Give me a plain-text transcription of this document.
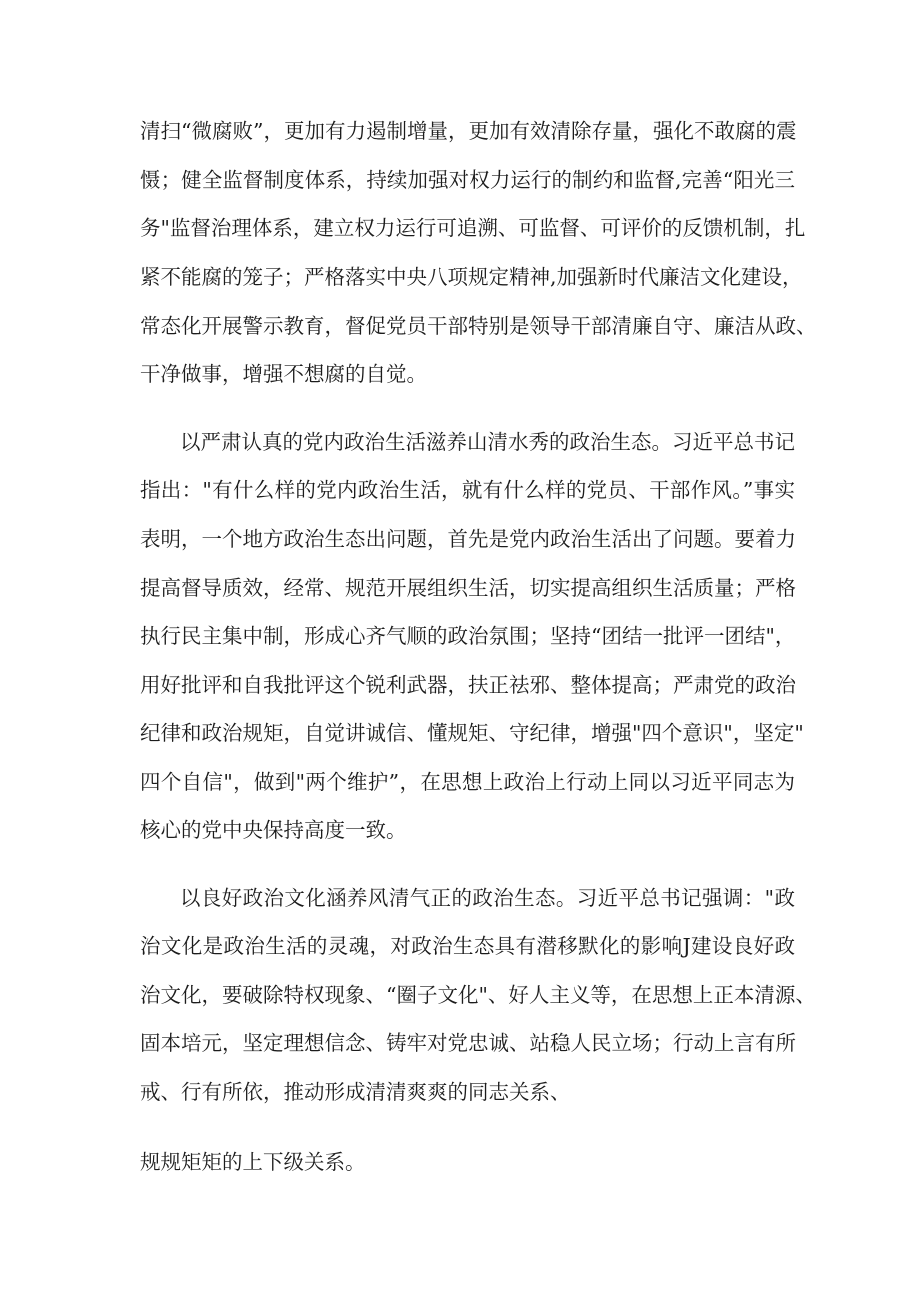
清扫“微腐败”，更加有力遏制增量，更加有效清除存量，强化不敢腐的震
慑；健全监督制度体系，持续加强对权力运行的制约和监督,完善“阳光三
务"监督治理体系，建立权力运行可追溯、可监督、可评价的反馈机制，扎
紧不能腐的笼子；严格落实中央八项规定精神,加强新时代廉洁文化建设，
常态化开展警示教育，督促党员干部特别是领导干部清廉自守、廉洁从政、
干净做事，增强不想腐的自觉。
以严肃认真的党内政治生活滋养山清水秀的政治生态。习近平总书记
指出："有什么样的党内政治生活，就有什么样的党员、干部作风。”事实
表明，一个地方政治生态出问题，首先是党内政治生活出了问题。要着力
提高督导质效，经常、规范开展组织生活，切实提高组织生活质量；严格
执行民主集中制，形成心齐气顺的政治氛围；坚持“团结一批评一团结"，
用好批评和自我批评这个锐利武器，扶正祛邪、整体提高；严肃党的政治
纪律和政治规矩，自觉讲诚信、懂规矩、守纪律，增强"四个意识"，坚定"
四个自信"，做到"两个维护”，在思想上政治上行动上同以习近平同志为
核心的党中央保持高度一致。
以良好政治文化涵养风清气正的政治生态。习近平总书记强调："政
治文化是政治生活的灵魂，对政治生态具有潜移默化的影响J建设良好政
治文化，要破除特权现象、“圈子文化"、好人主义等，在思想上正本清源、
固本培元，坚定理想信念、铸牢对党忠诚、站稳人民立场；行动上言有所
戒、行有所依，推动形成清清爽爽的同志关系、
规规矩矩的上下级关系。
